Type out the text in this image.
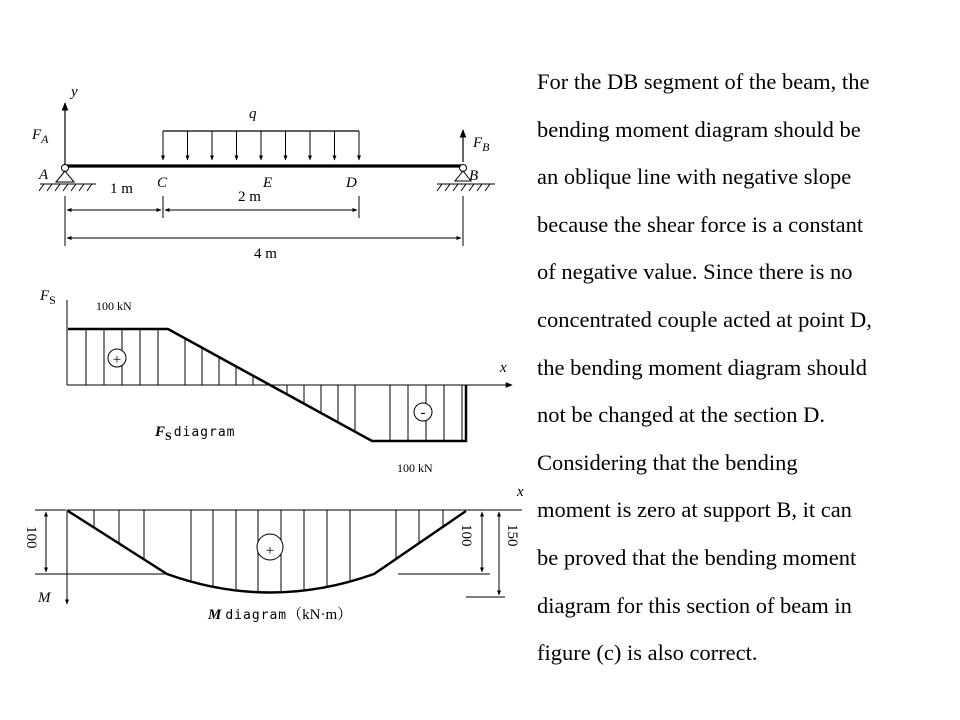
y
$F_A$	$F_B$
q
A	C	E	D	B
1 m	2 m
4 m
$F_S$
x
+
-
100 kN
100 kN
$F_S$ $^{diagram}$
x
M
+
100	100 150
M diagram（kN·m）
For the DB segment of the beam, the
bending moment diagram should be
an oblique line with negative slope
because the shear force is a constant
of negative value. Since there is no
concentrated couple acted at point D,
the bending moment diagram should
not be changed at the section D.
Considering that the bending
moment is zero at support B, it can
be proved that the bending moment
diagram for this section of beam in
figure (c) is also correct.
